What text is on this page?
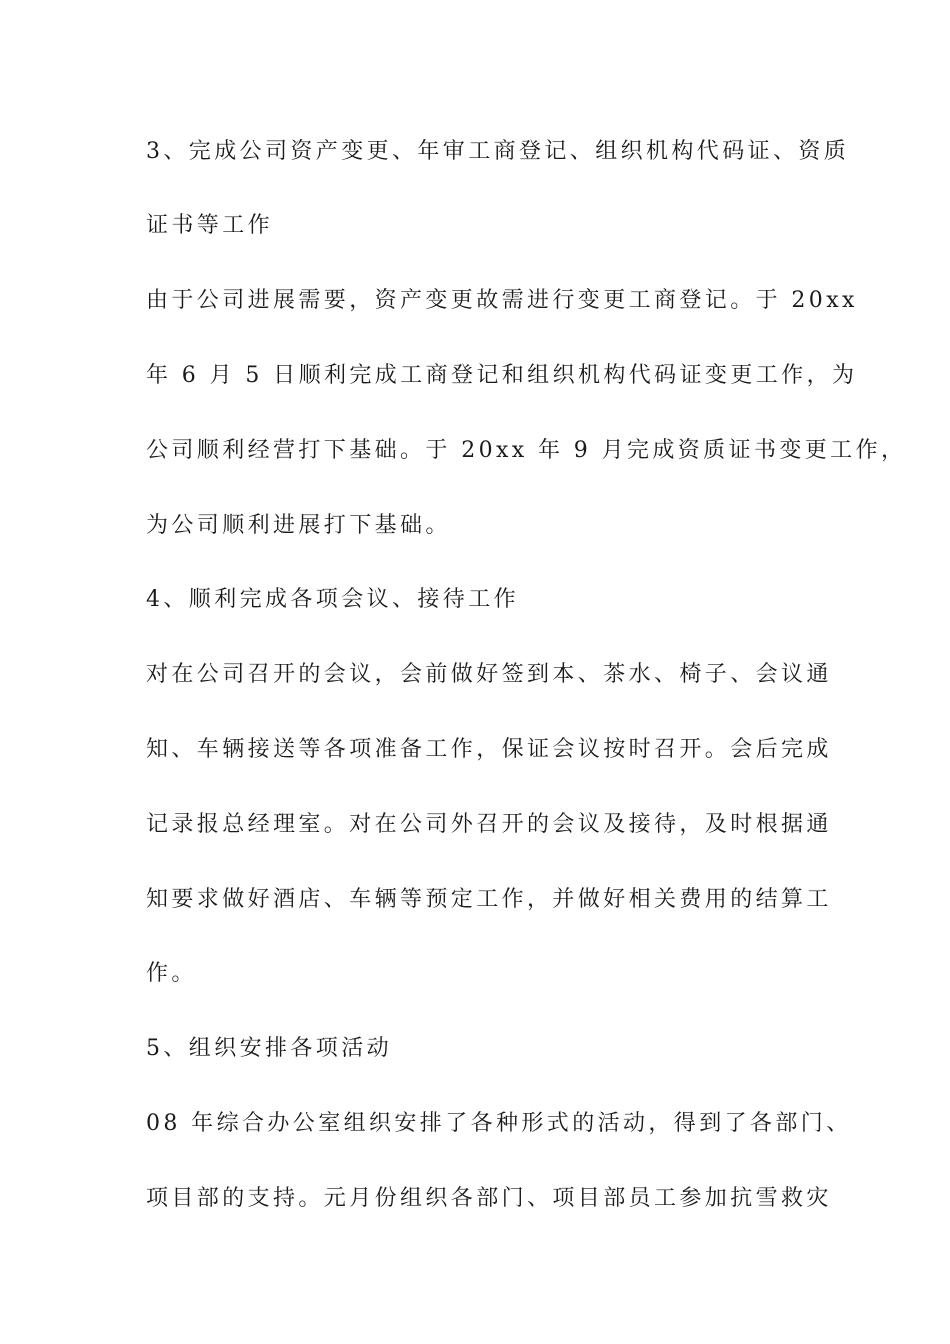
3、完成公司资产变更、年审工商登记、组织机构代码证、资质
证书等工作
由于公司进展需要，资产变更故需进行变更工商登记。于 20xx
年 6 月 5 日顺利完成工商登记和组织机构代码证变更工作，为
公司顺利经营打下基础。于 20xx 年 9 月完成资质证书变更工作，
为公司顺利进展打下基础。
4、顺利完成各项会议、接待工作
对在公司召开的会议，会前做好签到本、茶水、椅子、会议通
知、车辆接送等各项准备工作，保证会议按时召开。会后完成
记录报总经理室。对在公司外召开的会议及接待，及时根据通
知要求做好酒店、车辆等预定工作，并做好相关费用的结算工
作。
5、组织安排各项活动
08 年综合办公室组织安排了各种形式的活动，得到了各部门、
项目部的支持。元月份组织各部门、项目部员工参加抗雪救灾
